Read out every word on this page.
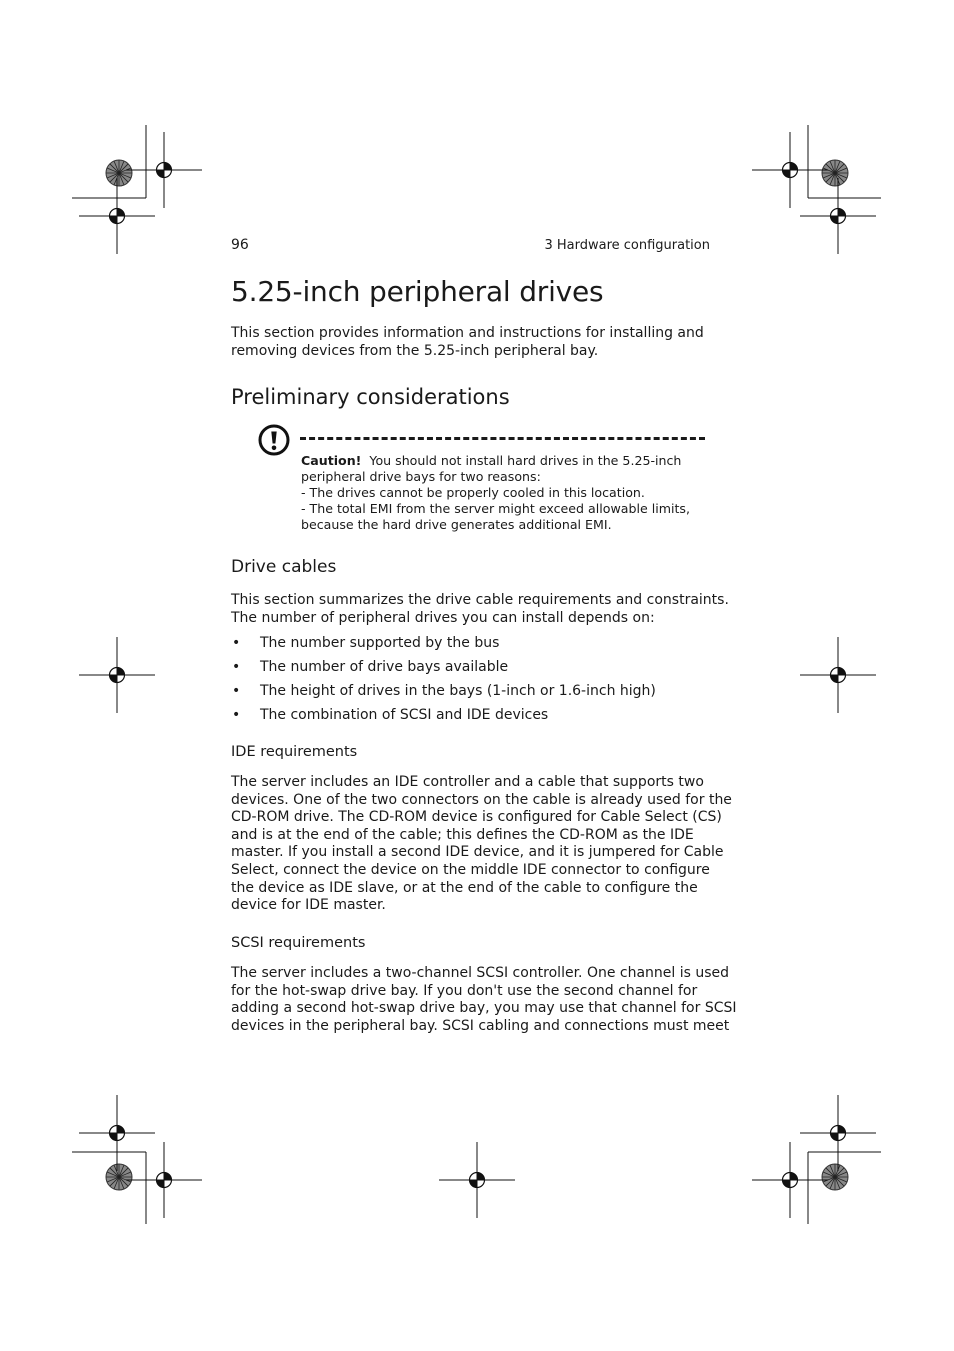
96	3 Hardware configuration
5.25-inch peripheral drives
This section provides information and instructions for installing and
removing devices from the 5.25-inch peripheral bay.
Preliminary considerations
Caution! You should not install hard drives in the 5.25-inch
peripheral drive bays for two reasons:
- The drives cannot be properly cooled in this location.
- The total EMI from the server might exceed allowable limits,
because the hard drive generates additional EMI.
Drive cables
This section summarizes the drive cable requirements and constraints.
The number of peripheral drives you can install depends on:
• The number supported by the bus
• The number of drive bays available
• The height of drives in the bays (1-inch or 1.6-inch high)
• The combination of SCSI and IDE devices
IDE requirements
The server includes an IDE controller and a cable that supports two
devices. One of the two connectors on the cable is already used for the
CD-ROM drive. The CD-ROM device is configured for Cable Select (CS)
and is at the end of the cable; this defines the CD-ROM as the IDE
master. If you install a second IDE device, and it is jumpered for Cable
Select, connect the device on the middle IDE connector to configure
the device as IDE slave, or at the end of the cable to configure the
device for IDE master.
SCSI requirements
The server includes a two-channel SCSI controller. One channel is used
for the hot-swap drive bay. If you don't use the second channel for
adding a second hot-swap drive bay, you may use that channel for SCSI
devices in the peripheral bay. SCSI cabling and connections must meet
